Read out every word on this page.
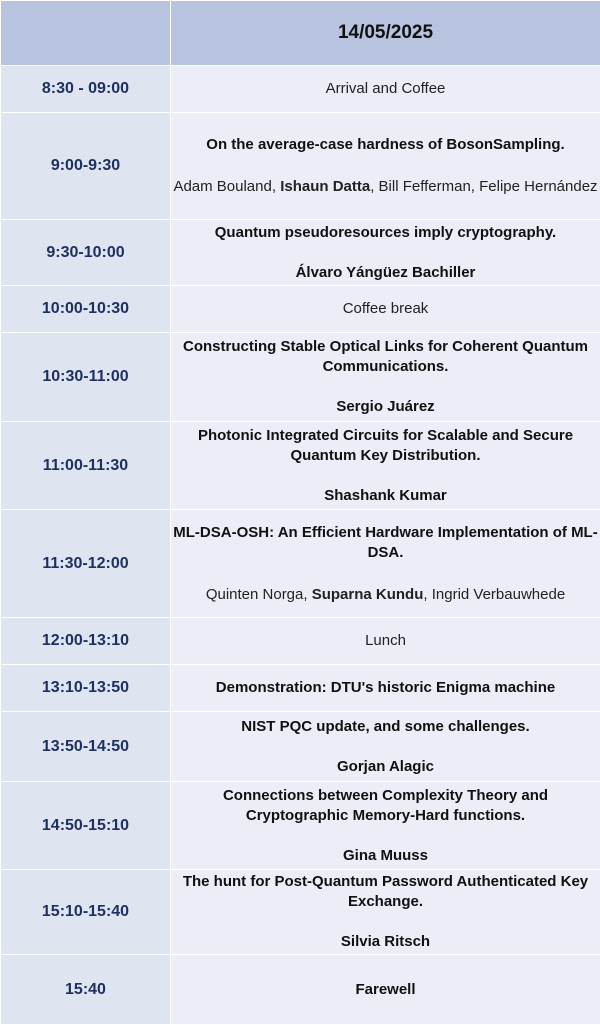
	14/05/2025
8:30 - 09:00	Arrival and Coffee
9:00-9:30	On the average-case hardness of BosonSampling.
Adam Bouland, Ishaun Datta, Bill Fefferman, Felipe Hernández

9:30-10:00	Quantum pseudoresources imply cryptography.
Álvaro Yángüez Bachiller

10:00-10:30	Coffee break
10:30-11:00	Constructing Stable Optical Links for Coherent Quantum Communications.
Sergio Juárez

11:00-11:30	Photonic Integrated Circuits for Scalable and Secure Quantum Key Distribution.
Shashank Kumar

11:30-12:00	ML-DSA-OSH: An Efficient Hardware Implementation of ML-DSA.
Quinten Norga, Suparna Kundu, Ingrid Verbauwhede

12:00-13:10	Lunch
13:10-13:50	Demonstration: DTU's historic Enigma machine

13:50-14:50	NIST PQC update, and some challenges.
Gorjan Alagic

14:50-15:10	Connections between Complexity Theory and Cryptographic Memory-Hard functions.
Gina Muuss

15:10-15:40	The hunt for Post-Quantum Password Authenticated Key Exchange.
Silvia Ritsch

15:40	Farewell
